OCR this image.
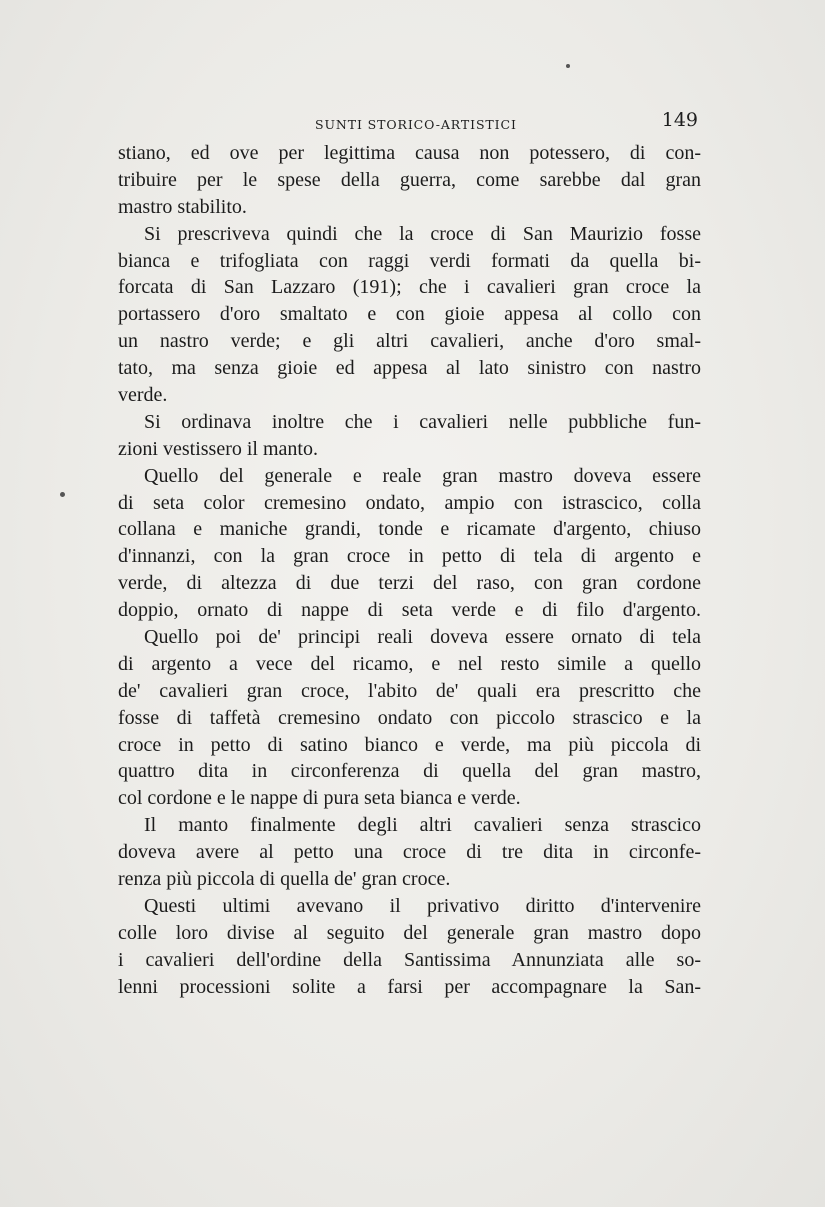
SUNTI STORICO-ARTISTICI	149
stiano, ed ove per legittima causa non potessero, di con-
tribuire per le spese della guerra, come sarebbe dal gran
mastro stabilito.
Si prescriveva quindi che la croce di San Maurizio fosse
bianca e trifogliata con raggi verdi formati da quella bi-
forcata di San Lazzaro (191); che i cavalieri gran croce la
portassero d'oro smaltato e con gioie appesa al collo con
un nastro verde; e gli altri cavalieri, anche d'oro smal-
tato, ma senza gioie ed appesa al lato sinistro con nastro
verde.
Si ordinava inoltre che i cavalieri nelle pubbliche fun-
zioni vestissero il manto.
Quello del generale e reale gran mastro doveva essere
di seta color cremesino ondato, ampio con istrascico, colla
collana e maniche grandi, tonde e ricamate d'argento, chiuso
d'innanzi, con la gran croce in petto di tela di argento e
verde, di altezza di due terzi del raso, con gran cordone
doppio, ornato di nappe di seta verde e di filo d'argento.
Quello poi de' principi reali doveva essere ornato di tela
di argento a vece del ricamo, e nel resto simile a quello
de' cavalieri gran croce, l'abito de' quali era prescritto che
fosse di taffetà cremesino ondato con piccolo strascico e la
croce in petto di satino bianco e verde, ma più piccola di
quattro dita in circonferenza di quella del gran mastro,
col cordone e le nappe di pura seta bianca e verde.
Il manto finalmente degli altri cavalieri senza strascico
doveva avere al petto una croce di tre dita in circonfe-
renza più piccola di quella de' gran croce.
Questi ultimi avevano il privativo diritto d'intervenire
colle loro divise al seguito del generale gran mastro dopo
i cavalieri dell'ordine della Santissima Annunziata alle so-
lenni processioni solite a farsi per accompagnare la San-
